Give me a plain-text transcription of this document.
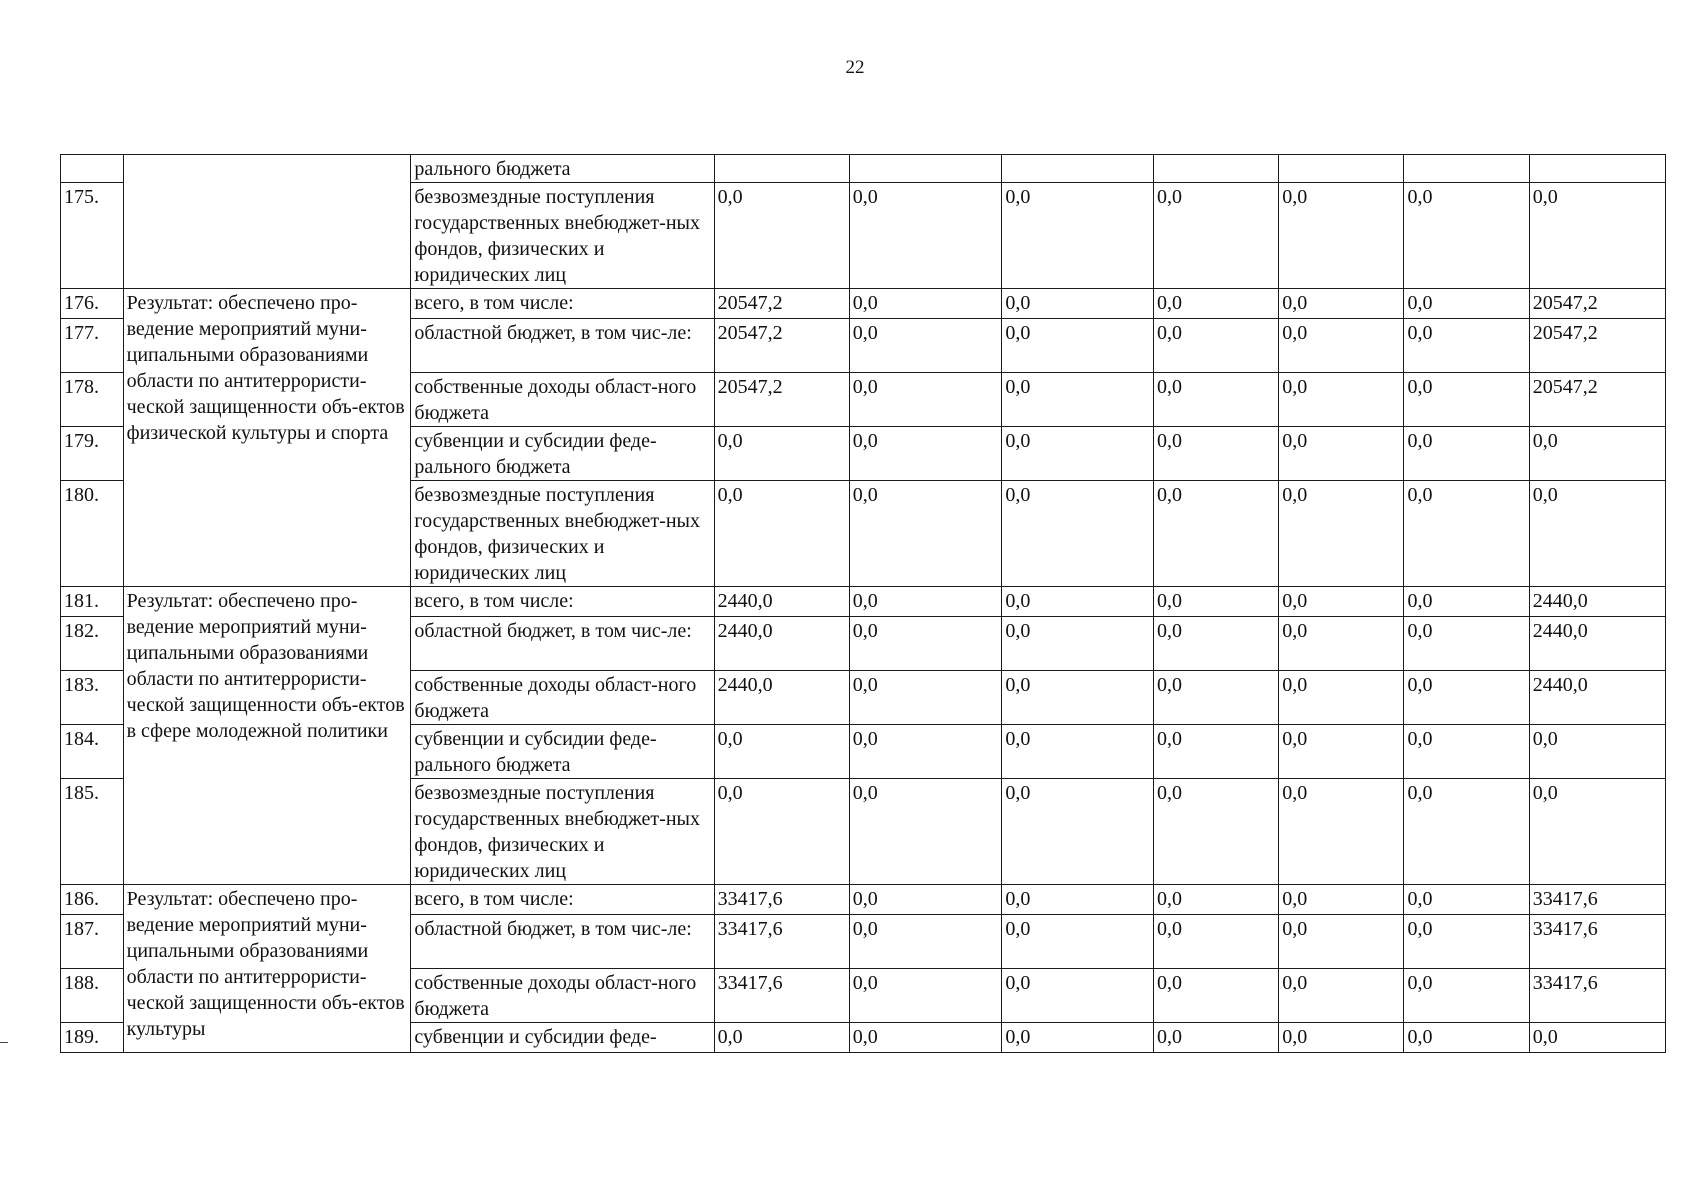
22
		рального бюджета							
175.		безвозмездные поступления государственных внебюджет-ных фондов, физических и юридических лиц	0,0	0,0	0,0	0,0	0,0	0,0	0,0
176.	Результат: обеспечено про-ведение мероприятий муни-ципальными образованиями области по антитеррористи-ческой защищенности объ-ектов физической культуры и спорта	всего, в том числе:	20547,2	0,0	0,0	0,0	0,0	0,0	20547,2
177.		областной бюджет, в том чис-ле:	20547,2	0,0	0,0	0,0	0,0	0,0	20547,2
178.		собственные доходы област-ного бюджета	20547,2	0,0	0,0	0,0	0,0	0,0	20547,2
179.		субвенции и субсидии феде-рального бюджета	0,0	0,0	0,0	0,0	0,0	0,0	0,0
180.		безвозмездные поступления государственных внебюджет-ных фондов, физических и юридических лиц	0,0	0,0	0,0	0,0	0,0	0,0	0,0
181.	Результат: обеспечено про-ведение мероприятий муни-ципальными образованиями области по антитеррористи-ческой защищенности объ-ектов в сфере молодежной политики	всего, в том числе:	2440,0	0,0	0,0	0,0	0,0	0,0	2440,0
182.		областной бюджет, в том чис-ле:	2440,0	0,0	0,0	0,0	0,0	0,0	2440,0
183.		собственные доходы област-ного бюджета	2440,0	0,0	0,0	0,0	0,0	0,0	2440,0
184.		субвенции и субсидии феде-рального бюджета	0,0	0,0	0,0	0,0	0,0	0,0	0,0
185.		безвозмездные поступления государственных внебюджет-ных фондов, физических и юридических лиц	0,0	0,0	0,0	0,0	0,0	0,0	0,0
186.	Результат: обеспечено про-ведение мероприятий муни-ципальными образованиями области по антитеррористи-ческой защищенности объ-ектов культуры	всего, в том числе:	33417,6	0,0	0,0	0,0	0,0	0,0	33417,6
187.		областной бюджет, в том чис-ле:	33417,6	0,0	0,0	0,0	0,0	0,0	33417,6
188.		собственные доходы област-ного бюджета	33417,6	0,0	0,0	0,0	0,0	0,0	33417,6
189.		субвенции и субсидии феде-	0,0	0,0	0,0	0,0	0,0	0,0	0,0
